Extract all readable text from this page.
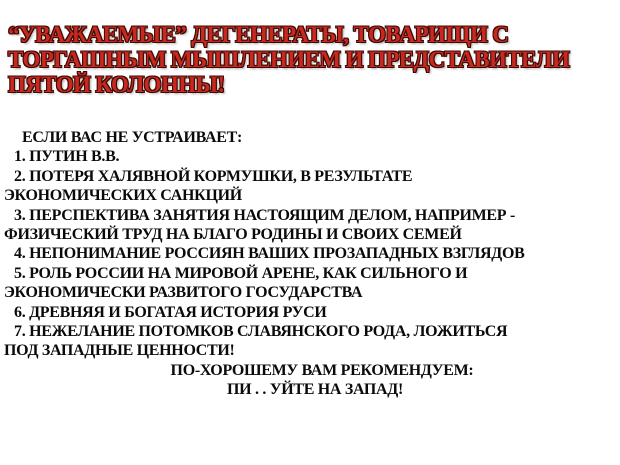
“УВАЖАЕМЫЕ” ДЕГЕНЕРАТЫ, ТОВАРИЩИ С
ТОРГАШНЫМ МЫШЛЕНИЕМ И ПРЕДСТАВИТЕЛИ
ПЯТОЙ КОЛОННЫ!
ЕСЛИ ВАС НЕ УСТРАИВАЕТ:
1. ПУТИН В.В.
2. ПОТЕРЯ ХАЛЯВНОЙ КОРМУШКИ, В РЕЗУЛЬТАТЕ
ЭКОНОМИЧЕСКИХ САНКЦИЙ
3. ПЕРСПЕКТИВА ЗАНЯТИЯ НАСТОЯЩИМ ДЕЛОМ, НАПРИМЕР -
ФИЗИЧЕСКИЙ ТРУД НА БЛАГО РОДИНЫ И СВОИХ СЕМЕЙ
4. НЕПОНИМАНИЕ РОССИЯН ВАШИХ ПРОЗАПАДНЫХ ВЗГЛЯДОВ
5. РОЛЬ РОССИИ НА МИРОВОЙ АРЕНЕ, КАК СИЛЬНОГО И
ЭКОНОМИЧЕСКИ РАЗВИТОГО ГОСУДАРСТВА
6. ДРЕВНЯЯ И БОГАТАЯ ИСТОРИЯ РУСИ
7. НЕЖЕЛАНИЕ ПОТОМКОВ СЛАВЯНСКОГО РОДА, ЛОЖИТЬСЯ
ПОД ЗАПАДНЫЕ ЦЕННОСТИ!
ПО-ХОРОШЕМУ ВАМ РЕКОМЕНДУЕМ:
ПИ . . УЙТЕ НА ЗАПАД!
